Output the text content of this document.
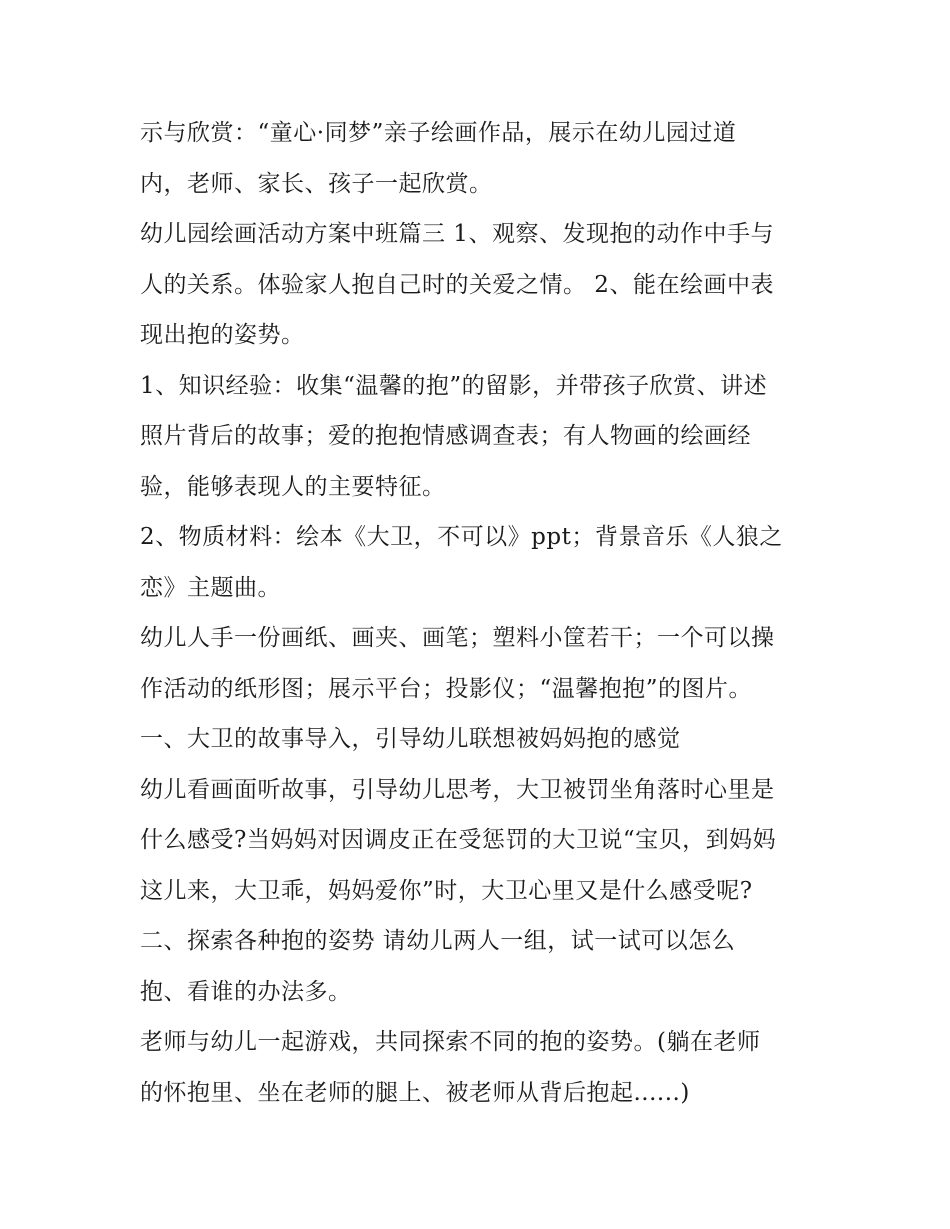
示与欣赏：“童心·同梦”亲子绘画作品，展示在幼儿园过道
内，老师、家长、孩子一起欣赏。
幼儿园绘画活动方案中班篇三 1、观察、发现抱的动作中手与
人的关系。体验家人抱自己时的关爱之情。 2、能在绘画中表
现出抱的姿势。
1、知识经验：收集“温馨的抱”的留影，并带孩子欣赏、讲述
照片背后的故事；爱的抱抱情感调查表；有人物画的绘画经
验，能够表现人的主要特征。
2、物质材料：绘本《大卫，不可以》ppt；背景音乐《人狼之
恋》主题曲。
幼儿人手一份画纸、画夹、画笔；塑料小筐若干；一个可以操
作活动的纸形图；展示平台；投影仪；“温馨抱抱”的图片。
一、大卫的故事导入，引导幼儿联想被妈妈抱的感觉
幼儿看画面听故事，引导幼儿思考，大卫被罚坐角落时心里是
什么感受?当妈妈对因调皮正在受惩罚的大卫说“宝贝，到妈妈
这儿来，大卫乖，妈妈爱你”时，大卫心里又是什么感受呢?
二、探索各种抱的姿势 请幼儿两人一组，试一试可以怎么
抱、看谁的办法多。
老师与幼儿一起游戏，共同探索不同的抱的姿势。(躺在老师
的怀抱里、坐在老师的腿上、被老师从背后抱起......)
